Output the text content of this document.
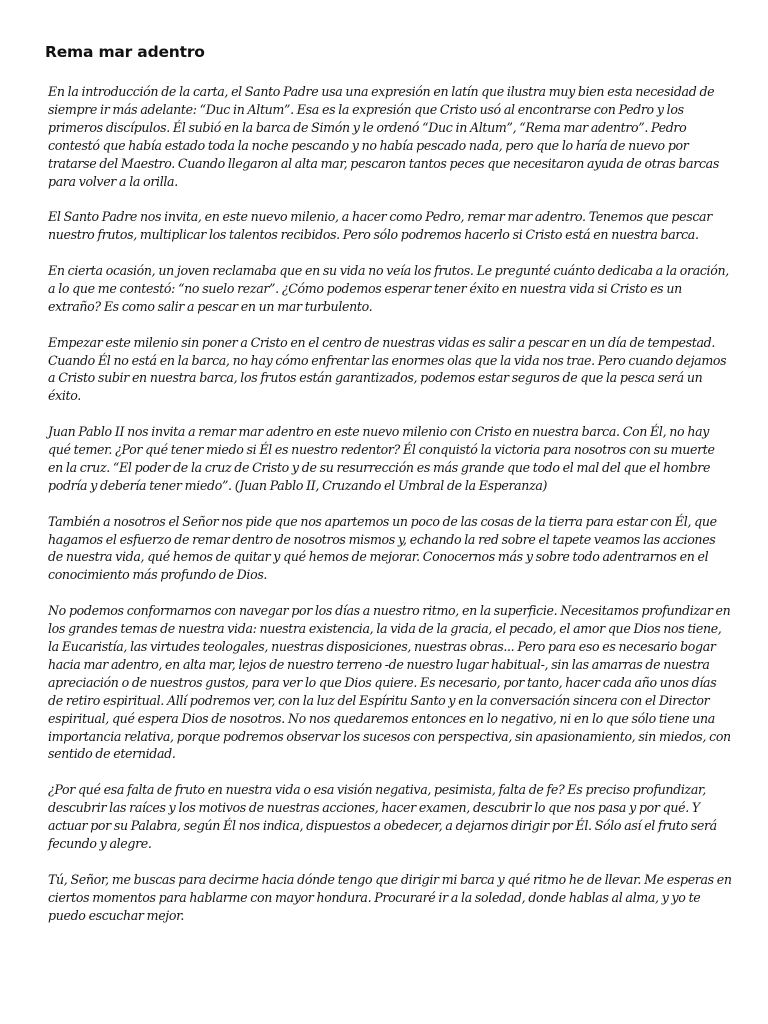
Rema mar adentro

En la introducción de la carta, el Santo Padre usa una expresión en latín que ilustra muy bien esta necesidad de siempre ir más adelante: “Duc in Altum”. Esa es la expresión que Cristo usó al encontrarse con Pedro y los primeros discípulos. Él subió en la barca de Simón y le ordenó “Duc in Altum”, “Rema mar adentro”. Pedro contestó que había estado toda la noche pescando y no había pescado nada, pero que lo haría de nuevo por tratarse del Maestro. Cuando llegaron al alta mar, pescaron tantos peces que necesitaron ayuda de otras barcas para volver a la orilla.

El Santo Padre nos invita, en este nuevo milenio, a hacer como Pedro, remar mar adentro. Tenemos que pescar nuestro frutos, multiplicar los talentos recibidos. Pero sólo podremos hacerlo si Cristo está en nuestra barca.

En cierta ocasión, un joven reclamaba que en su vida no veía los frutos. Le pregunté cuánto dedicaba a la oración, a lo que me contestó: “no suelo rezar”. ¿Cómo podemos esperar tener éxito en nuestra vida si Cristo es un extraño? Es como salir a pescar en un mar turbulento.

Empezar este milenio sin poner a Cristo en el centro de nuestras vidas es salir a pescar en un día de tempestad. Cuando Él no está en la barca, no hay cómo enfrentar las enormes olas que la vida nos trae. Pero cuando dejamos a Cristo subir en nuestra barca, los frutos están garantizados, podemos estar seguros de que la pesca será un éxito.

Juan Pablo II nos invita a remar mar adentro en este nuevo milenio con Cristo en nuestra barca. Con Él, no hay qué temer. ¿Por qué tener miedo si Él es nuestro redentor? Él conquistó la victoria para nosotros con su muerte en la cruz. “El poder de la cruz de Cristo y de su resurrección es más grande que todo el mal del que el hombre podría y debería tener miedo”. (Juan Pablo II, Cruzando el Umbral de la Esperanza)

También a nosotros el Señor nos pide que nos apartemos un poco de las cosas de la tierra para estar con Él, que hagamos el esfuerzo de remar dentro de nosotros mismos y, echando la red sobre el tapete veamos las acciones de nuestra vida, qué hemos de quitar y qué hemos de mejorar. Conocernos más y sobre todo adentrarnos en el conocimiento más profundo de Dios.

No podemos conformarnos con navegar por los días a nuestro ritmo, en la superficie. Necesitamos profundizar en los grandes temas de nuestra vida: nuestra existencia, la vida de la gracia, el pecado, el amor que Dios nos tiene, la Eucaristía, las virtudes teologales, nuestras disposiciones, nuestras obras... Pero para eso es necesario bogar hacia mar adentro, en alta mar, lejos de nuestro terreno -de nuestro lugar habitual-, sin las amarras de nuestra apreciación o de nuestros gustos, para ver lo que Dios quiere. Es necesario, por tanto, hacer cada año unos días de retiro espiritual. Allí podremos ver, con la luz del Espíritu Santo y en la conversación sincera con el Director espiritual, qué espera Dios de nosotros. No nos quedaremos entonces en lo negativo, ni en lo que sólo tiene una importancia relativa, porque podremos observar los sucesos con perspectiva, sin apasionamiento, sin miedos, con sentido de eternidad.

¿Por qué esa falta de fruto en nuestra vida o esa visión negativa, pesimista, falta de fe? Es preciso profundizar, descubrir las raíces y los motivos de nuestras acciones, hacer examen, descubrir lo que nos pasa y por qué. Y actuar por su Palabra, según Él nos indica, dispuestos a obedecer, a dejarnos dirigir por Él. Sólo así el fruto será fecundo y alegre.

Tú, Señor, me buscas para decirme hacia dónde tengo que dirigir mi barca y qué ritmo he de llevar. Me esperas en ciertos momentos para hablarme con mayor hondura. Procuraré ir a la soledad, donde hablas al alma, y yo te puedo escuchar mejor.
